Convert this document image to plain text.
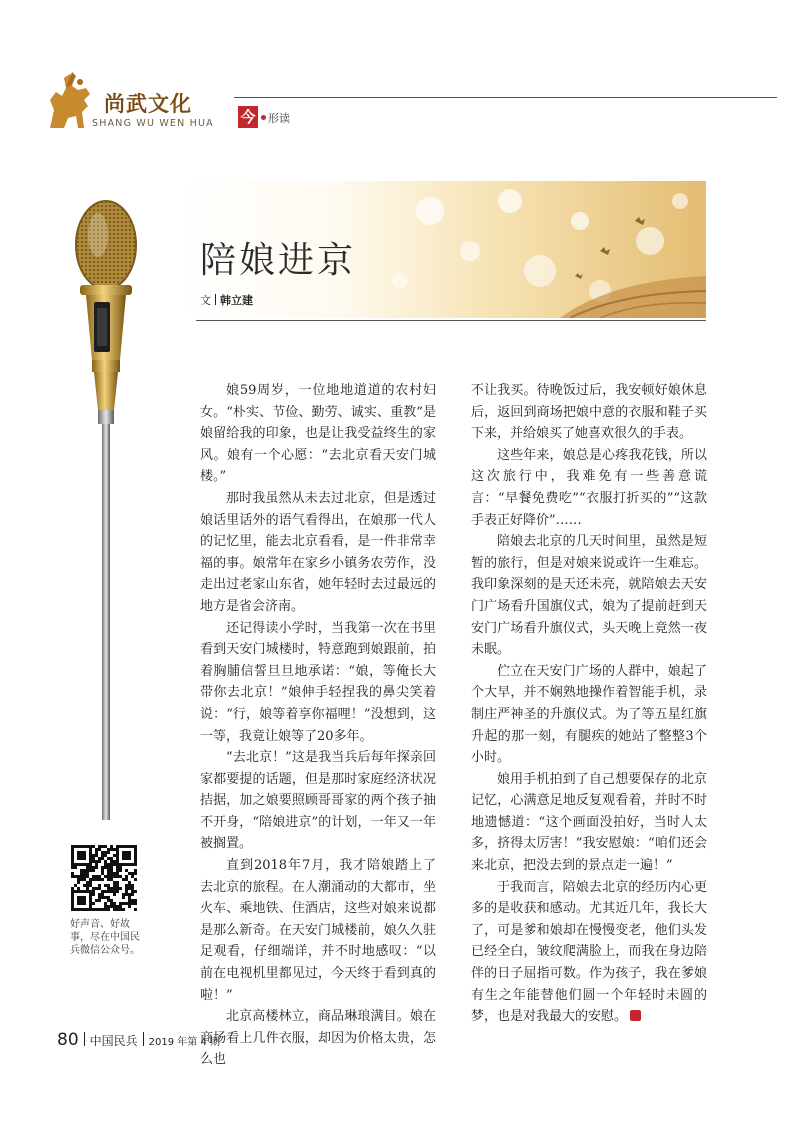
尚武文化
SHANG WU WEN HUA 今 形读
陪娘进京
文 韩立建

娘59周岁，一位地地道道的农村妇女。“朴实、节俭、勤劳、诚实、重教”是娘留给我的印象，也是让我受益终生的家风。娘有一个心愿：“去北京看天安门城楼。”

那时我虽然从未去过北京，但是透过娘话里话外的语气看得出，在娘那一代人的记忆里，能去北京看看，是一件非常幸福的事。娘常年在家乡小镇务农劳作，没走出过老家山东省，她年轻时去过最远的地方是省会济南。

还记得读小学时，当我第一次在书里看到天安门城楼时，特意跑到娘跟前，拍着胸脯信誓旦旦地承诺：“娘，等俺长大带你去北京！”娘伸手轻捏我的鼻尖笑着说：“行，娘等着享你福哩！”没想到，这一等，我竟让娘等了20多年。

“去北京！”这是我当兵后每年探亲回家都要提的话题，但是那时家庭经济状况拮据，加之娘要照顾哥哥家的两个孩子抽不开身，“陪娘进京”的计划，一年又一年被搁置。

直到2018年7月，我才陪娘踏上了去北京的旅程。在人潮涌动的大都市，坐火车、乘地铁、住酒店，这些对娘来说都是那么新奇。在天安门城楼前，娘久久驻足观看，仔细端详，并不时地感叹：“以前在电视机里都见过，今天终于看到真的啦！”

北京高楼林立，商品琳琅满目。娘在商场看上几件衣服，却因为价格太贵，怎么也

不让我买。待晚饭过后，我安顿好娘休息后，返回到商场把娘中意的衣服和鞋子买下来，并给娘买了她喜欢很久的手表。

这些年来，娘总是心疼我花钱，所以这次旅行中，我难免有一些善意谎言：“早餐免费吃”“衣服打折买的”“这款手表正好降价”……

陪娘去北京的几天时间里，虽然是短暂的旅行，但是对娘来说或许一生难忘。我印象深刻的是天还未亮，就陪娘去天安门广场看升国旗仪式，娘为了提前赶到天安门广场看升旗仪式，头天晚上竟然一夜未眠。

伫立在天安门广场的人群中，娘起了个大早，并不娴熟地操作着智能手机，录制庄严神圣的升旗仪式。为了等五星红旗升起的那一刻，有腿疾的她站了整整3个小时。

娘用手机拍到了自己想要保存的北京记忆，心满意足地反复观看着，并时不时地遗憾道：“这个画面没拍好，当时人太多，挤得太厉害！”我安慰娘：“咱们还会来北京，把没去到的景点走一遍！”

于我而言，陪娘去北京的经历内心更多的是收获和感动。尤其近几年，我长大了，可是爹和娘却在慢慢变老，他们头发已经全白，皱纹爬满脸上，而我在身边陪伴的日子屈指可数。作为孩子，我在爹娘有生之年能替他们圆一个年轻时未圆的梦，也是对我最大的安慰。

好声音、好故事，尽在中国民兵微信公众号。
80 中国民兵 2019 年第 4 期
